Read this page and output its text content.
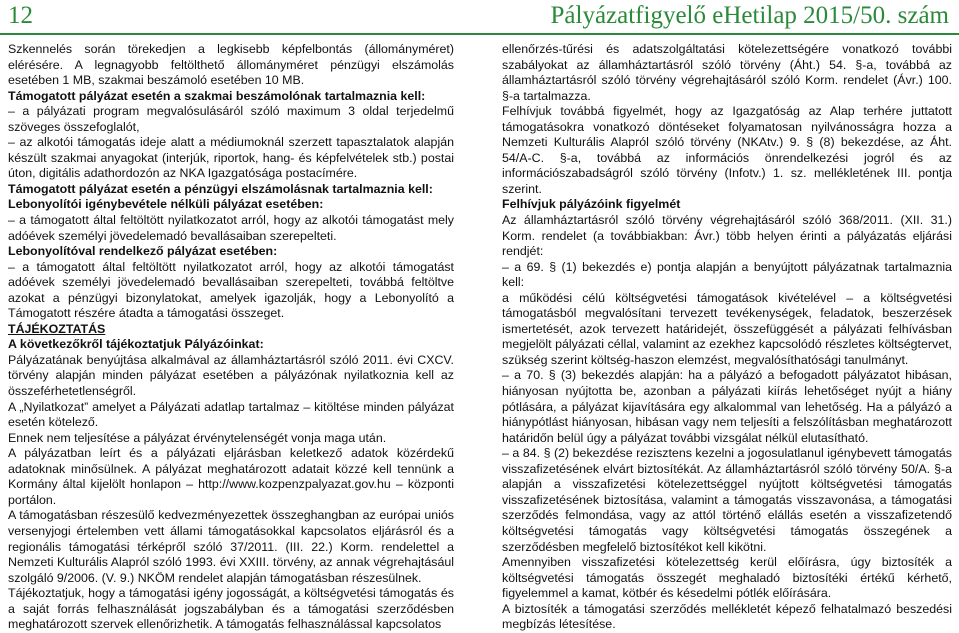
12	Pályázatfigyelő eHetilap 2015/50. szám

Szkennelés során törekedjen a legkisebb képfelbontás (állományméret) elérésére. A legnagyobb feltölthető állományméret pénzügyi elszámolás esetében 1 MB, szakmai beszámoló esetében 10 MB.

Támogatott pályázat esetén a szakmai beszámolónak tartalmaznia kell:

– a pályázati program megvalósulásáról szóló maximum 3 oldal terjedelmű szöveges összefoglalót,

– az alkotói támogatás ideje alatt a médiumoknál szerzett tapasztalatok alapján készült szakmai anyagokat (interjúk, riportok, hang- és képfelvételek stb.) postai úton, digitális adathordozón az NKA Igazgatósága postacímére.

Támogatott pályázat esetén a pénzügyi elszámolásnak tartalmaznia kell:

Lebonyolítói igénybevétele nélküli pályázat esetében:

– a támogatott által feltöltött nyilatkozatot arról, hogy az alkotói támogatást mely adóévek személyi jövedelemadó bevallásaiban szerepelteti.

Lebonyolítóval rendelkező pályázat esetében:

– a támogatott által feltöltött nyilatkozatot arról, hogy az alkotói támogatást adóévek személyi jövedelemadó bevallásaiban szerepelteti, továbbá feltöltve azokat a pénzügyi bizonylatokat, amelyek igazolják, hogy a Lebonyolító a Támogatott részére átadta a támogatási összeget.

TÁJÉKOZTATÁS

A következőkről tájékoztatjuk Pályázóinkat:

Pályázatának benyújtása alkalmával az államháztartásról szóló 2011. évi CXCV. törvény alapján minden pályázat esetében a pályázónak nyilatkoznia kell az összeférhetetlenségről.

A „Nyilatkozat” amelyet a Pályázati adatlap tartalmaz – kitöltése minden pályázat esetén kötelező.

Ennek nem teljesítése a pályázat érvénytelenségét vonja maga után.

A pályázatban leírt és a pályázati eljárásban keletkező adatok közérdekű adatoknak minősülnek. A pályázat meghatározott adatait közzé kell tennünk a Kormány által kijelölt honlapon – http://www.kozpenzpalyazat.gov.hu – központi portálon.

A támogatásban részesülő kedvezményezettek összeghangban az európai uniós versenyjogi értelemben vett állami támogatásokkal kapcsolatos eljárásról és a regionális támogatási térképről szóló 37/2011. (III. 22.) Korm. rendelettel a Nemzeti Kulturális Alapról szóló 1993. évi XXIII. törvény, az annak végrehajtásául szolgáló 9/2006. (V. 9.) NKÖM rendelet alapján támogatásban részesülnek.

Tájékoztatjuk, hogy a támogatási igény jogosságát, a költségvetési támogatás és a saját forrás felhasználását jogszabályban és a támogatási szerződésben meghatározott szervek ellenőrizhetik. A támogatás felhasználással kapcsolatos

ellenőrzés-tűrési és adatszolgáltatási kötelezettségére vonatkozó további szabályokat az államháztartásról szóló törvény (Áht.) 54. §-a, továbbá az államháztartásról szóló törvény végrehajtásáról szóló Korm. rendelet (Ávr.) 100. §-a tartalmazza.

Felhívjuk továbbá figyelmét, hogy az Igazgatóság az Alap terhére juttatott támogatásokra vonatkozó döntéseket folyamatosan nyilvánosságra hozza a Nemzeti Kulturális Alapról szóló törvény (NKAtv.) 9. § (8) bekezdése, az Áht. 54/A-C. §-a, továbbá az információs önrendelkezési jogról és az információszabadságról szóló törvény (Infotv.) 1. sz. mellékletének III. pontja szerint.

Felhívjuk pályázóink figyelmét

Az államháztartásról szóló törvény végrehajtásáról szóló 368/2011. (XII. 31.) Korm. rendelet (a továbbiakban: Ávr.) több helyen érinti a pályázatás eljárási rendjét:

– a 69. § (1) bekezdés e) pontja alapján a benyújtott pályázatnak tartalmaznia kell:

a működési célú költségvetési támogatások kivételével – a költségvetési támogatásból megvalósítani tervezett tevékenységek, feladatok, beszerzések ismertetését, azok tervezett határidejét, összefüggését a pályázati felhívásban megjelölt pályázati céllal, valamint az ezekhez kapcsolódó részletes költségtervet, szükség szerint költség-haszon elemzést, megvalósíthatósági tanulmányt.

– a 70. § (3) bekezdés alapján: ha a pályázó a befogadott pályázatot hibásan, hiányosan nyújtotta be, azonban a pályázati kiírás lehetőséget nyújt a hiány pótlására, a pályázat kijavítására egy alkalommal van lehetőség. Ha a pályázó a hiánypótlást hiányosan, hibásan vagy nem teljesíti a felszólításban meghatározott határidőn belül úgy a pályázat további vizsgálat nélkül elutasítható.

– a 84. § (2) bekezdése rezisztens kezelni a jogosulatlanul igénybevett támogatás visszafizetésének elvárt biztosítékát. Az államháztartásról szóló törvény 50/A. §-a alapján a visszafizetési kötelezettséggel nyújtott költségvetési támogatás visszafizetésének biztosítása, valamint a támogatás visszavonása, a támogatási szerződés felmondása, vagy az attól történő elállás esetén a visszafizetendő költségvetési támogatás vagy költségvetési támogatás összegének a szerződésben megfelelő biztosítékot kell kikötni.

Amennyiben visszafizetési kötelezettség kerül előírásra, úgy biztosíték a költségvetési támogatás összegét meghaladó biztosítéki értékű kérhető, figyelemmel a kamat, kötbér és késedelmi pótlék előírására.

A biztosíték a támogatási szerződés mellékletét képező felhatalmazó beszedési megbízás létesítése.
